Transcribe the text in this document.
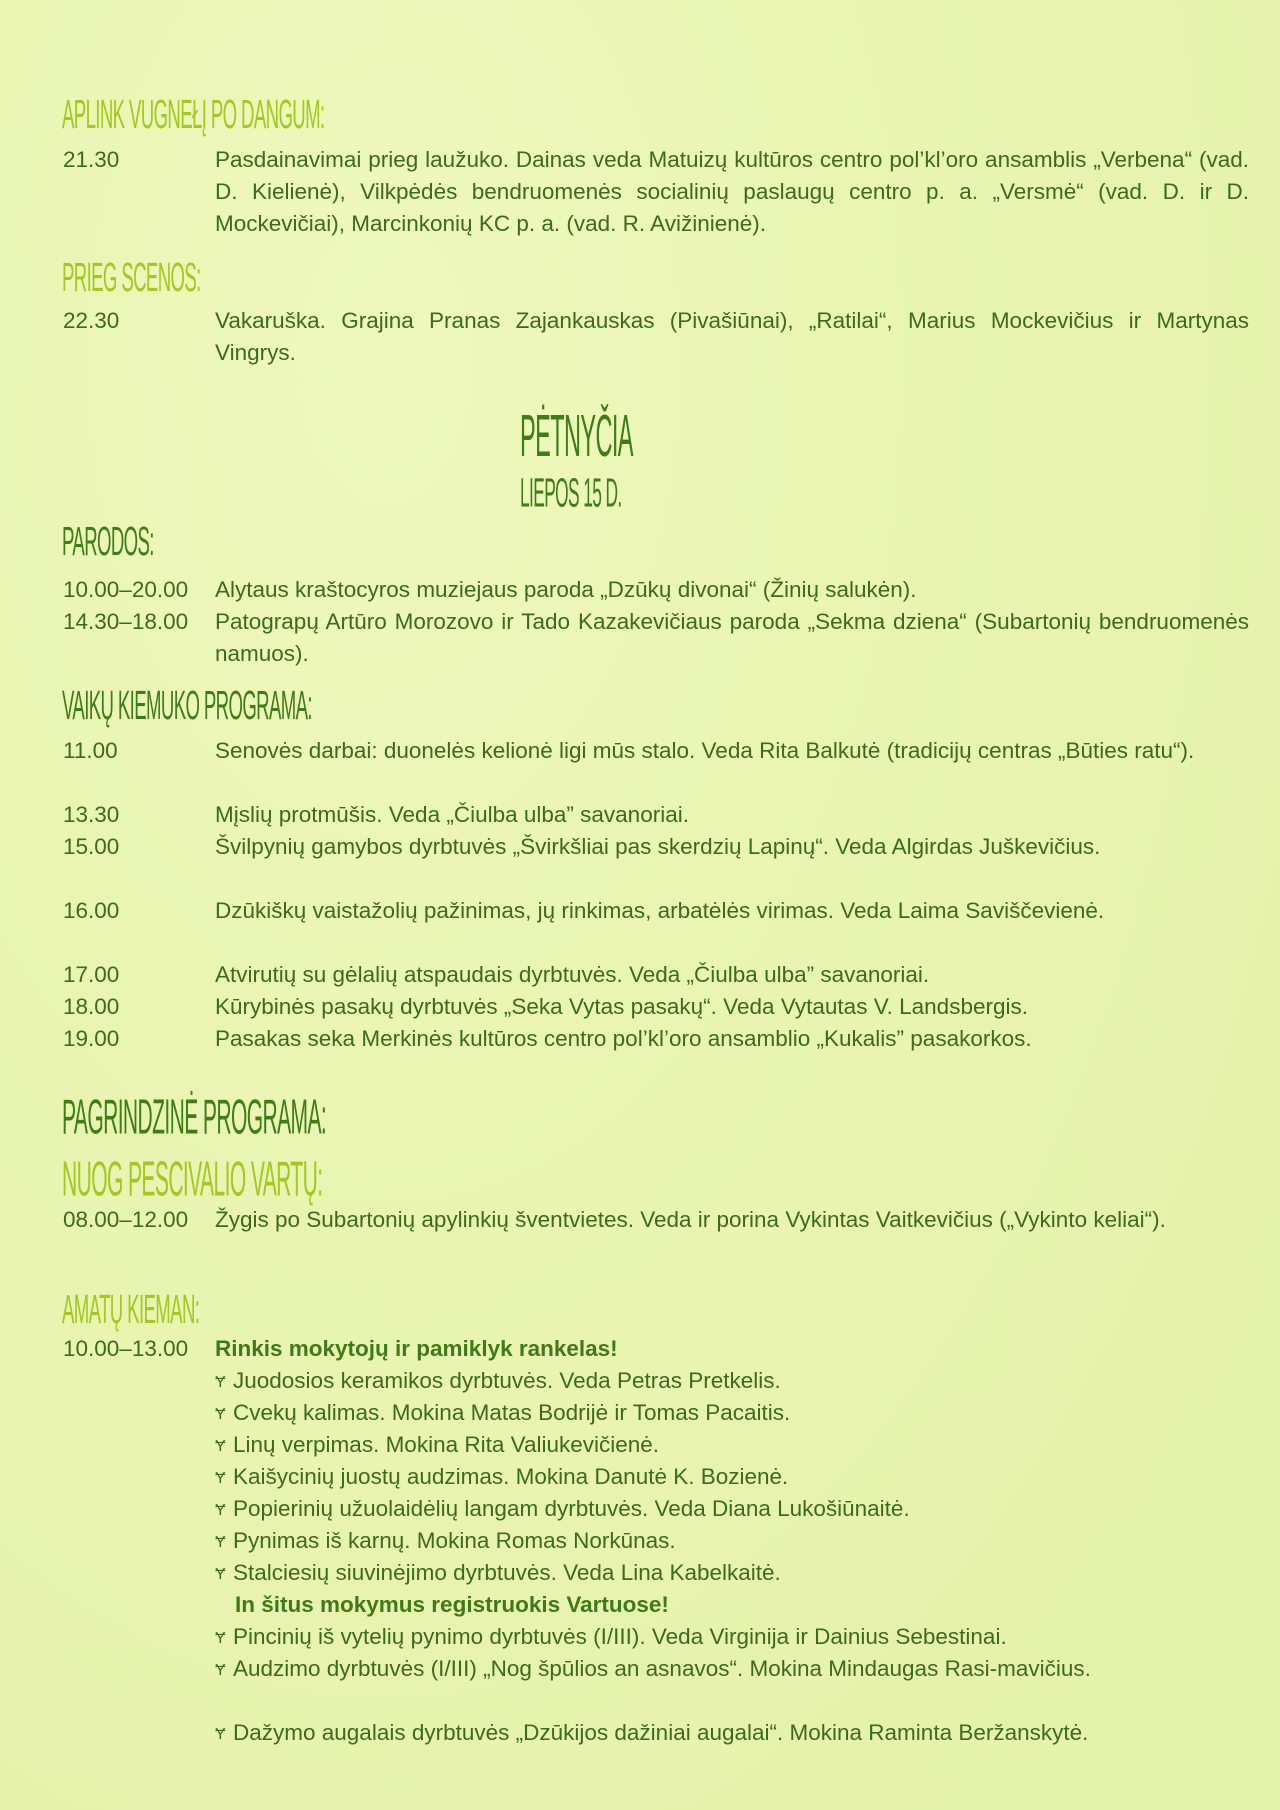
APLINK VUGNEŁĮ PO DANGUM:
21.30	Pasdainavimai prieg laužuko. Dainas veda Matuizų kultūros centro pol’kl’oro ansamblis „Verbena“ (vad. D. Kielienė), Vilkpėdės bendruomenės socialinių paslaugų centro p. a. „Versmė“ (vad. D. ir D. Mockevičiai), Marcinkonių KC p. a. (vad. R. Avižinienė).
PRIEG SCENOS:
22.30	Vakaruška. Grajina Pranas Zajankauskas (Pivašiūnai), „Ratilai“, Marius Mockevičius ir Martynas Vingrys.
PĖTNYČIA
LIEPOS 15 D.
PARODOS:
10.00–20.00	Alytaus kraštocyros muziejaus paroda „Dzūkų divonai“ (Žinių salukėn).
14.30–18.00	Patograpų Artūro Morozovo ir Tado Kazakevičiaus paroda „Sekma dziena“ (Subartonių bendruomenės namuos).
VAIKŲ KIEMUKO PROGRAMA:
11.00	Senovės darbai: duonelės kelionė ligi mūs stalo. Veda Rita Balkutė (tradicijų centras „Būties ratu“).
13.30	Mįslių protmūšis. Veda „Čiulba ulba” savanoriai.
15.00	Švilpynių gamybos dyrbtuvės „Švirkšliai pas skerdzių Lapinų“. Veda Algirdas Juškevičius.
16.00	Dzūkiškų vaistažolių pažinimas, jų rinkimas, arbatėlės virimas. Veda Laima Saviščevienė.
17.00	Atvirutių su gėlalių atspaudais dyrbtuvės. Veda „Čiulba ulba” savanoriai.
18.00	Kūrybinės pasakų dyrbtuvės „Seka Vytas pasakų“. Veda Vytautas V. Landsbergis.
19.00	Pasakas seka Merkinės kultūros centro pol’kl’oro ansamblio „Kukalis” pasakorkos.
PAGRINDZINĖ PROGRAMA:
NUOG PESCIVALIO VARTŲ:
08.00–12.00	Žygis po Subartonių apylinkių šventvietes. Veda ir porina Vykintas Vaitkevičius („Vykinto keliai“).
AMATŲ KIEMAN:
10.00–13.00	Rinkis mokytojų ir pamiklyk rankelas!
Ɏ Juodosios keramikos dyrbtuvės. Veda Petras Pretkelis.
Ɏ Cvekų kalimas. Mokina Matas Bodrijė ir Tomas Pacaitis.
Ɏ Linų verpimas. Mokina Rita Valiukevičienė.
Ɏ Kaišycinių juostų audzimas. Mokina Danutė K. Bozienė.
Ɏ Popierinių užuolaidėlių langam dyrbtuvės. Veda Diana Lukošiūnaitė.
Ɏ Pynimas iš karnų. Mokina Romas Norkūnas.
Ɏ Stalciesių siuvinėjimo dyrbtuvės. Veda Lina Kabelkaitė.
In šitus mokymus registruokis Vartuose!
Ɏ Pincinių iš vytelių pynimo dyrbtuvės (I/III). Veda Virginija ir Dainius Sebestinai.
Ɏ Audzimo dyrbtuvės (I/III) „Nog špūlios an asnavos“. Mokina Mindaugas Rasi-mavičius.
Ɏ Dažymo augalais dyrbtuvės „Dzūkijos dažiniai augalai“. Mokina Raminta Beržanskytė.
